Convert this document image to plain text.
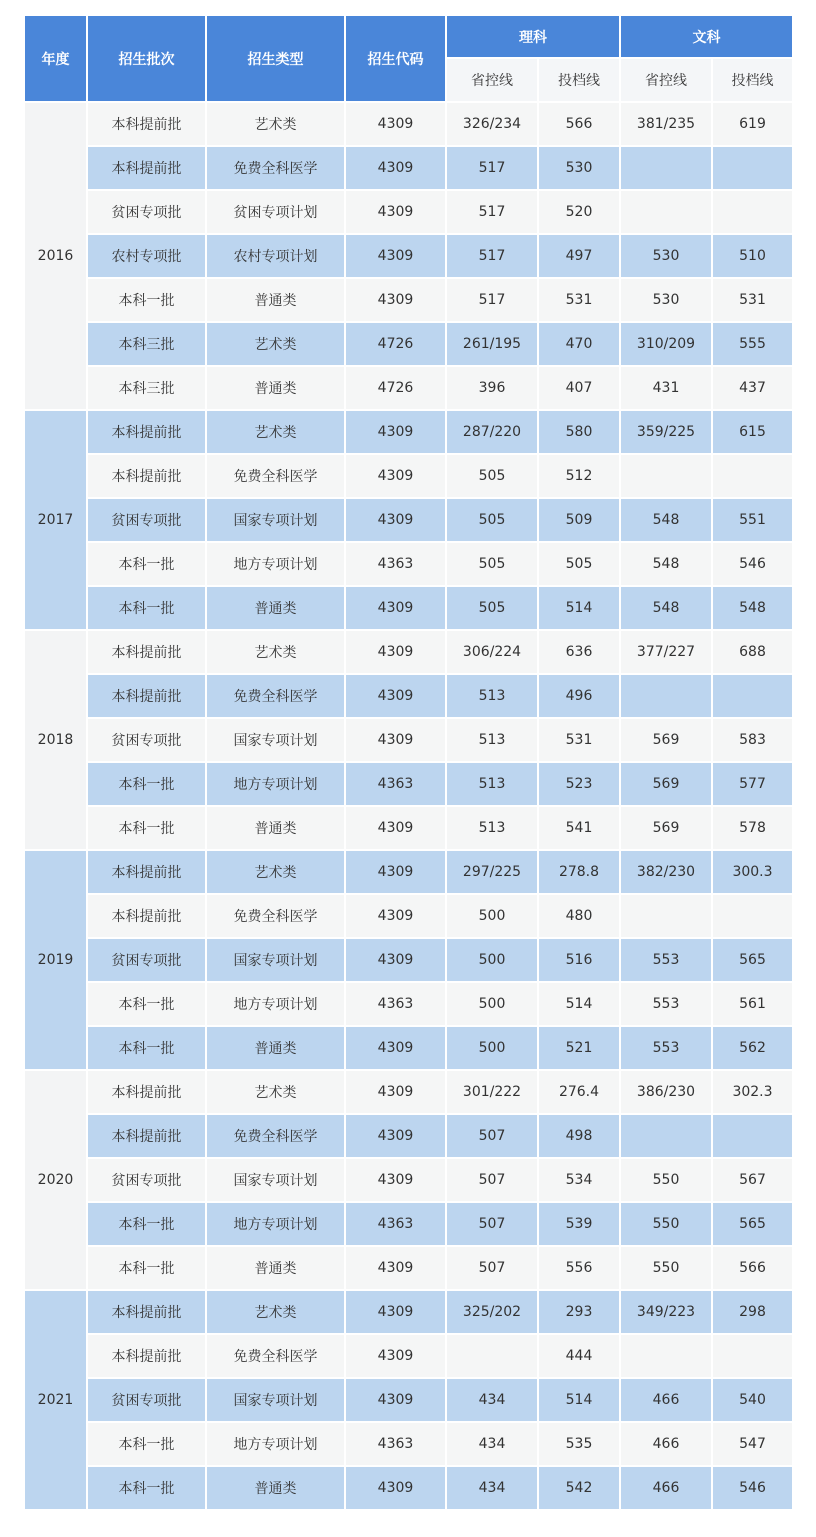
年度	招生批次	招生类型	招生代码	理科		文科	
				省控线	投档线	省控线	投档线
2016	本科提前批	艺术类	4309	326/234	566	381/235	619
	本科提前批	免费全科医学	4309	517	530		
	贫困专项批	贫困专项计划	4309	517	520		
	农村专项批	农村专项计划	4309	517	497	530	510
	本科一批	普通类	4309	517	531	530	531
	本科三批	艺术类	4726	261/195	470	310/209	555
	本科三批	普通类	4726	396	407	431	437
2017	本科提前批	艺术类	4309	287/220	580	359/225	615
	本科提前批	免费全科医学	4309	505	512		
	贫困专项批	国家专项计划	4309	505	509	548	551
	本科一批	地方专项计划	4363	505	505	548	546
	本科一批	普通类	4309	505	514	548	548
2018	本科提前批	艺术类	4309	306/224	636	377/227	688
	本科提前批	免费全科医学	4309	513	496		
	贫困专项批	国家专项计划	4309	513	531	569	583
	本科一批	地方专项计划	4363	513	523	569	577
	本科一批	普通类	4309	513	541	569	578
2019	本科提前批	艺术类	4309	297/225	278.8	382/230	300.3
	本科提前批	免费全科医学	4309	500	480		
	贫困专项批	国家专项计划	4309	500	516	553	565
	本科一批	地方专项计划	4363	500	514	553	561
	本科一批	普通类	4309	500	521	553	562
2020	本科提前批	艺术类	4309	301/222	276.4	386/230	302.3
	本科提前批	免费全科医学	4309	507	498		
	贫困专项批	国家专项计划	4309	507	534	550	567
	本科一批	地方专项计划	4363	507	539	550	565
	本科一批	普通类	4309	507	556	550	566
2021	本科提前批	艺术类	4309	325/202	293	349/223	298
	本科提前批	免费全科医学	4309		444		
	贫困专项批	国家专项计划	4309	434	514	466	540
	本科一批	地方专项计划	4363	434	535	466	547
	本科一批	普通类	4309	434	542	466	546
